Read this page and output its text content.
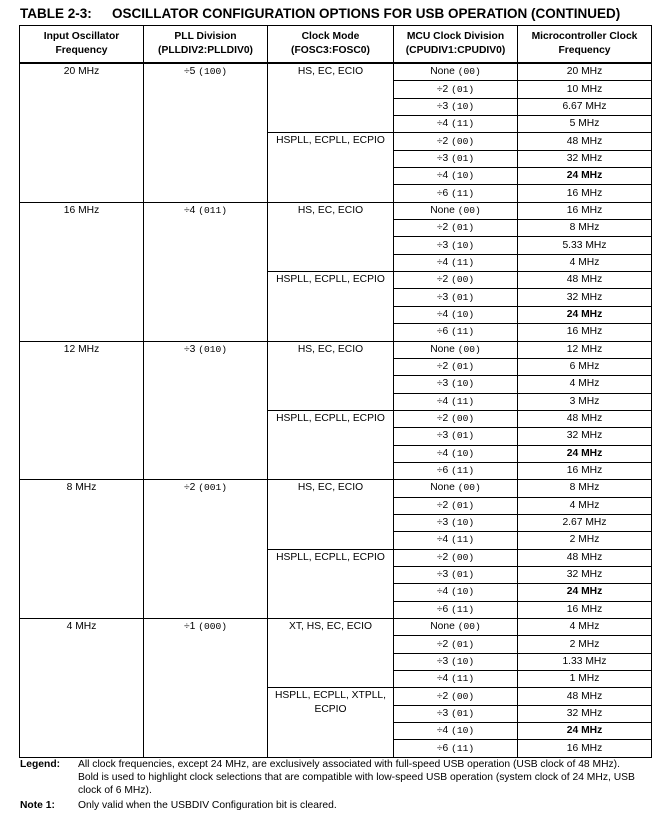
TABLE 2-3: OSCILLATOR CONFIGURATION OPTIONS FOR USB OPERATION (CONTINUED)
Input Oscillator Frequency	PLL Division (PLLDIV2:PLLDIV0)	Clock Mode (FOSC3:FOSC0)	MCU Clock Division (CPUDIV1:CPUDIV0)	Microcontroller Clock Frequency
20 MHz	÷5 (100)	HS, EC, ECIO	None (00)	20 MHz
			÷2 (01)	10 MHz
			÷3 (10)	6.67 MHz
			÷4 (11)	5 MHz
		HSPLL, ECPLL, ECPIO	÷2 (00)	48 MHz
			÷3 (01)	32 MHz
			÷4 (10)	24 MHz
			÷6 (11)	16 MHz
16 MHz	÷4 (011)	HS, EC, ECIO	None (00)	16 MHz
			÷2 (01)	8 MHz
			÷3 (10)	5.33 MHz
			÷4 (11)	4 MHz
		HSPLL, ECPLL, ECPIO	÷2 (00)	48 MHz
			÷3 (01)	32 MHz
			÷4 (10)	24 MHz
			÷6 (11)	16 MHz
12 MHz	÷3 (010)	HS, EC, ECIO	None (00)	12 MHz
			÷2 (01)	6 MHz
			÷3 (10)	4 MHz
			÷4 (11)	3 MHz
		HSPLL, ECPLL, ECPIO	÷2 (00)	48 MHz
			÷3 (01)	32 MHz
			÷4 (10)	24 MHz
			÷6 (11)	16 MHz
8 MHz	÷2 (001)	HS, EC, ECIO	None (00)	8 MHz
			÷2 (01)	4 MHz
			÷3 (10)	2.67 MHz
			÷4 (11)	2 MHz
		HSPLL, ECPLL, ECPIO	÷2 (00)	48 MHz
			÷3 (01)	32 MHz
			÷4 (10)	24 MHz
			÷6 (11)	16 MHz
4 MHz	÷1 (000)	XT, HS, EC, ECIO	None (00)	4 MHz
			÷2 (01)	2 MHz
			÷3 (10)	1.33 MHz
			÷4 (11)	1 MHz
		HSPLL, ECPLL, XTPLL, ECPIO	÷2 (00)	48 MHz
			÷3 (01)	32 MHz
			÷4 (10)	24 MHz
			÷6 (11)	16 MHz
Legend:	All clock frequencies, except 24 MHz, are exclusively associated with full-speed USB operation (USB clock of 48 MHz).
Bold is used to highlight clock selections that are compatible with low-speed USB operation (system clock of 24 MHz, USB clock of 6 MHz).
Note 1:	Only valid when the USBDIV Configuration bit is cleared.
